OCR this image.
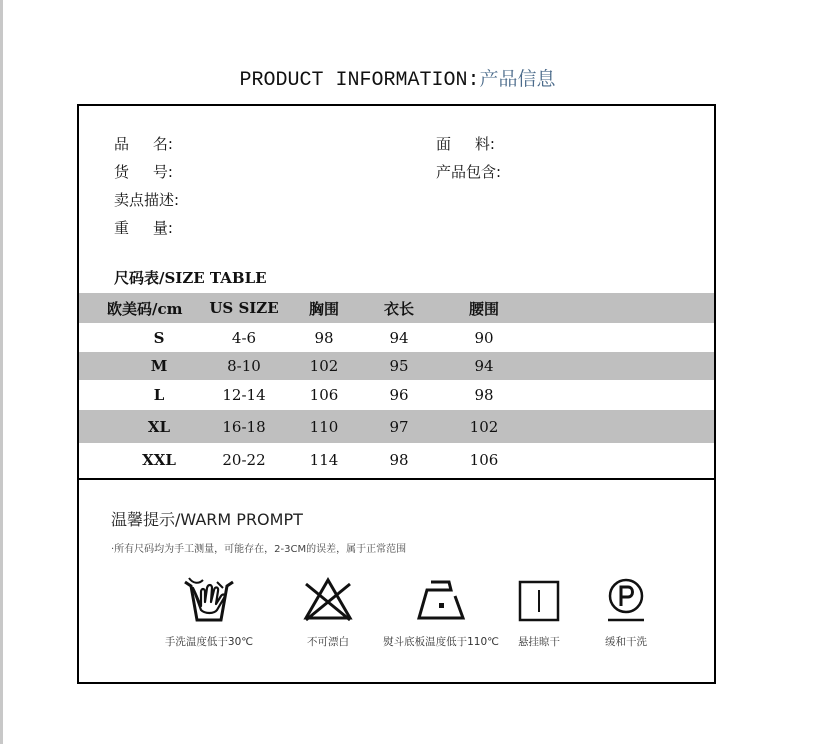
PRODUCT INFORMATION:产品信息
品     名:
货     号:
卖点描述:
重     量:
面     料:
产品包含:
尺码表/SIZE TABLE
欧美码/cm	US SIZE	胸围	衣长	腰围
S	4-6	98	94	90
M	8-10	102	95	94
L	12-14	106	96	98
XL	16-18	110	97	102
XXL	20-22	114	98	106
温馨提示/WARM PROMPT
·所有尺码均为手工测量，可能存在，2-3CM的误差，属于正常范围
手洗温度低于30℃	不可漂白	熨斗底板温度低于110℃	悬挂晾干	缓和干洗
